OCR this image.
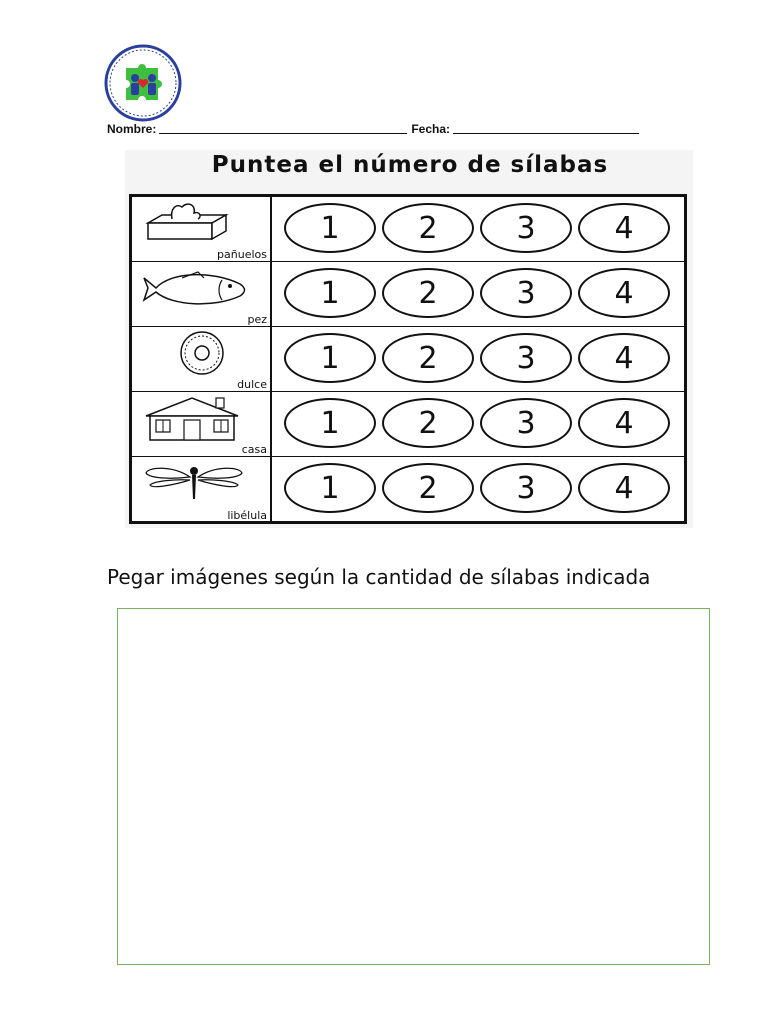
Nombre:	Fecha:
Puntea el número de sílabas
pañuelos
1	2	3	4
pez
1	2	3	4
dulce
1	2	3	4
casa
1	2	3	4
libélula
1	2	3	4
Pegar imágenes según la cantidad de sílabas indicada
